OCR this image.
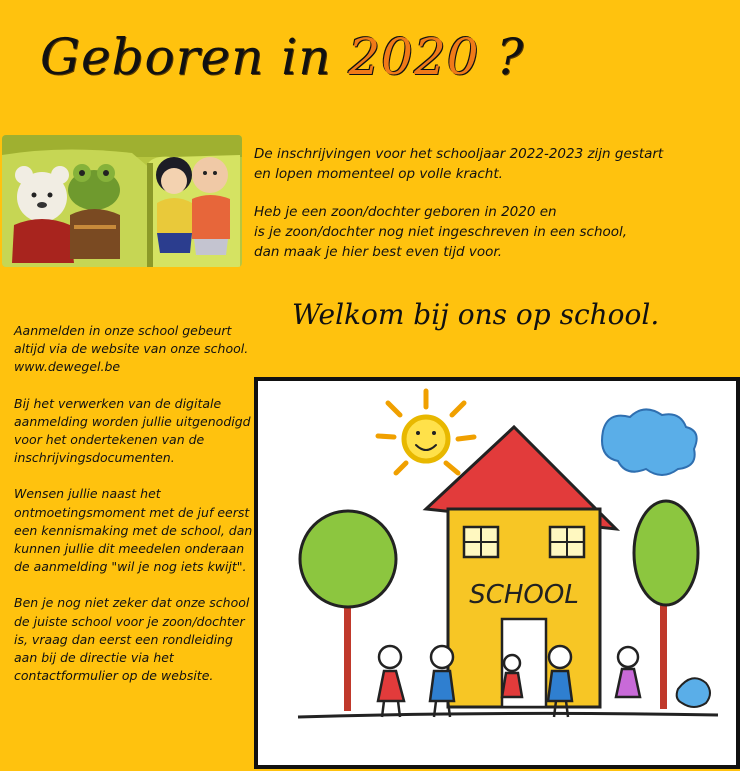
Geboren in 2020 ?

De inschrijvingen voor het schooljaar 2022-2023 zijn gestart
en lopen momenteel op volle kracht.

Heb je een zoon/dochter geboren in 2020 en
is je zoon/dochter nog niet ingeschreven in een school,
dan maak je hier best even tijd voor.

Welkom bij ons op school.

Aanmelden in onze school gebeurt altijd via de website van onze school. www.dewegel.be

Bij het verwerken van de digitale aanmelding worden jullie uitgenodigd voor het ondertekenen van de inschrijvingsdocumenten.

Wensen jullie naast het ontmoetingsmoment met de juf eerst een kennismaking met de school, dan kunnen jullie dit meedelen onderaan de aanmelding "wil je nog iets kwijt".

Ben je nog niet zeker dat onze school de juiste school voor je zoon/dochter is, vraag dan eerst een rondleiding aan bij de directie via het contactformulier op de website.

SCHOOL
